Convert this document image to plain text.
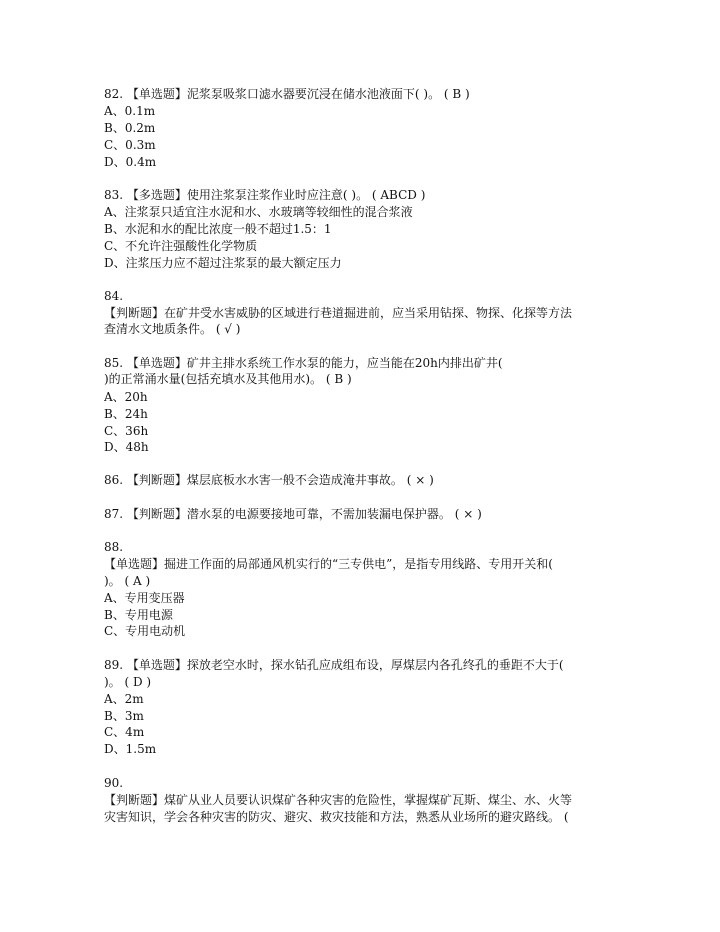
82. 【单选题】泥浆泵吸浆口滤水器要沉浸在储水池液面下( )。 ( B )
A、0.1m
B、0.2m
C、0.3m
D、0.4m
83. 【多选题】使用注浆泵注浆作业时应注意( )。 ( ABCD )
A、注浆泵只适宜注水泥和水、水玻璃等较细性的混合浆液
B、水泥和水的配比浓度一般不超过1.5：1
C、不允许注强酸性化学物质
D、注浆压力应不超过注浆泵的最大额定压力
84.
【判断题】在矿井受水害威胁的区域进行巷道掘进前，应当采用钻探、物探、化探等方法
查清水文地质条件。 ( √ )
85. 【单选题】矿井主排水系统工作水泵的能力，应当能在20h内排出矿井(
)的正常涌水量(包括充填水及其他用水)。 ( B )
A、20h
B、24h
C、36h
D、48h
86. 【判断题】煤层底板水水害一般不会造成淹井事故。 ( × )
87. 【判断题】潜水泵的电源要接地可靠，不需加装漏电保护器。 ( × )
88.
【单选题】掘进工作面的局部通风机实行的“三专供电”，是指专用线路、专用开关和(
)。 ( A )
A、专用变压器
B、专用电源
C、专用电动机
89. 【单选题】探放老空水时，探水钻孔应成组布设，厚煤层内各孔终孔的垂距不大于(
)。 ( D )
A、2m
B、3m
C、4m
D、1.5m
90.
【判断题】煤矿从业人员要认识煤矿各种灾害的危险性，掌握煤矿瓦斯、煤尘、水、火等
灾害知识，学会各种灾害的防灾、避灾、救灾技能和方法，熟悉从业场所的避灾路线。 (
